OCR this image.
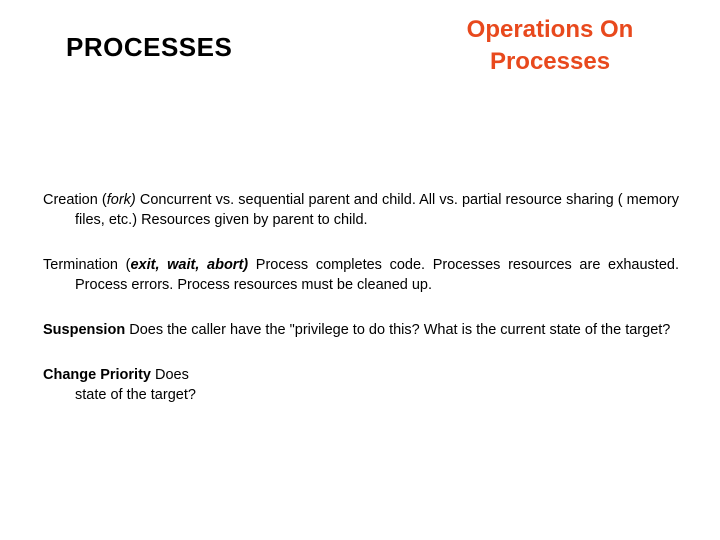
PROCESSES
Operations On
Processes

Creation (fork) Concurrent vs. sequential parent and child. All vs. partial resource sharing ( memory files, etc.) Resources given by parent to child.

Termination (exit, wait, abort) Process completes code. Processes resources are exhausted. Process errors. Process resources must be cleaned up.

Suspension Does the caller have the "privilege to do this? What is the current state of the target?

Change Priority Does
state of the target?
